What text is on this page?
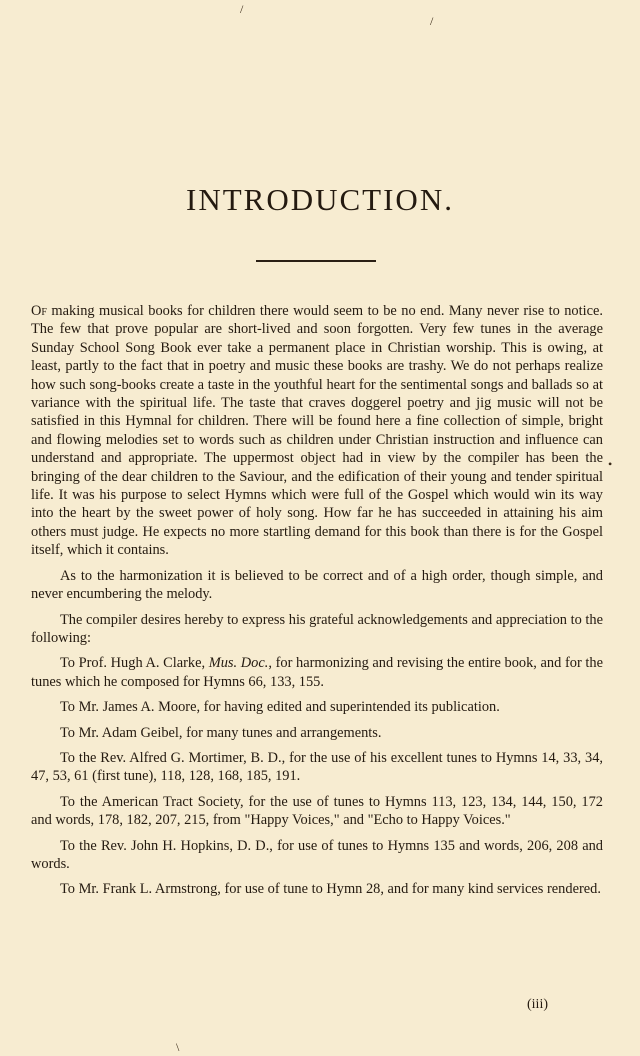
INTRODUCTION.

Of making musical books for children there would seem to be no end. Many never rise to notice. The few that prove popular are short-lived and soon forgotten. Very few tunes in the average Sunday School Song Book ever take a permanent place in Christian worship. This is owing, at least, partly to the fact that in poetry and music these books are trashy. We do not perhaps realize how such song-books create a taste in the youthful heart for the sentimental songs and ballads so at variance with the spiritual life. The taste that craves doggerel poetry and jig music will not be satisfied in this Hymnal for children. There will be found here a fine collection of simple, bright and flowing melodies set to words such as children under Christian instruction and influence can understand and appropriate. The uppermost object had in view by the compiler has been the bringing of the dear children to the Saviour, and the edification of their young and tender spiritual life. It was his purpose to select Hymns which were full of the Gospel which would win its way into the heart by the sweet power of holy song. How far he has succeeded in attaining his aim others must judge. He expects no more startling demand for this book than there is for the Gospel itself, which it contains.

As to the harmonization it is believed to be correct and of a high order, though simple, and never encumbering the melody.

The compiler desires hereby to express his grateful acknowledgements and appreciation to the following:

To Prof. Hugh A. Clarke, Mus. Doc., for harmonizing and revising the entire book, and for the tunes which he composed for Hymns 66, 133, 155.

To Mr. James A. Moore, for having edited and superintended its publication.

To Mr. Adam Geibel, for many tunes and arrangements.

To the Rev. Alfred G. Mortimer, B. D., for the use of his excellent tunes to Hymns 14, 33, 34, 47, 53, 61 (first tune), 118, 128, 168, 185, 191.

To the American Tract Society, for the use of tunes to Hymns 113, 123, 134, 144, 150, 172 and words, 178, 182, 207, 215, from "Happy Voices," and "Echo to Happy Voices."

To the Rev. John H. Hopkins, D. D., for use of tunes to Hymns 135 and words, 206, 208 and words.

To Mr. Frank L. Armstrong, for use of tune to Hymn 28, and for many kind services rendered.

(iii)
/
/
•
\
